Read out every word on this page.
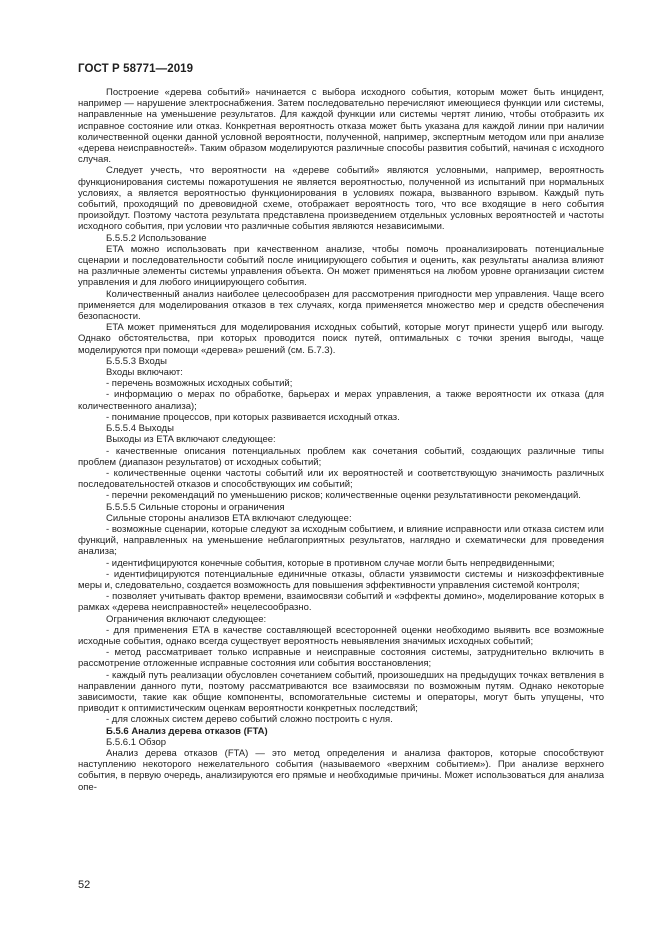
ГОСТ Р 58771—2019

Построение «дерева событий» начинается с выбора исходного события, которым может быть инцидент, например — нарушение электроснабжения. Затем последовательно перечисляют имеющиеся функции или системы, направленные на уменьшение результатов. Для каждой функции или системы чертят линию, чтобы отобразить их исправное состояние или отказ. Конкретная вероятность отказа может быть указана для каждой линии при наличии количественной оценки данной условной вероятности, полученной, например, экспертным методом или при анализе «дерева неисправностей». Таким образом моделируются различные способы развития событий, начиная с исходного случая.

Следует учесть, что вероятности на «дереве событий» являются условными, например, вероятность функционирования системы пожаротушения не является вероятностью, полученной из испытаний при нормальных условиях, а является вероятностью функционирования в условиях пожара, вызванного взрывом. Каждый путь событий, проходящий по древовидной схеме, отображает вероятность того, что все входящие в него события произойдут. Поэтому частота результата представлена произведением отдельных условных вероятностей и частоты исходного события, при условии что различные события являются независимыми.

Б.5.5.2 Использование

ETA можно использовать при качественном анализе, чтобы помочь проанализировать потенциальные сценарии и последовательности событий после инициирующего события и оценить, как результаты анализа влияют на различные элементы системы управления объекта. Он может применяться на любом уровне организации систем управления и для любого инициирующего события.

Количественный анализ наиболее целесообразен для рассмотрения пригодности мер управления. Чаще всего применяется для моделирования отказов в тех случаях, когда применяется множество мер и средств обеспечения безопасности.

ETA может применяться для моделирования исходных событий, которые могут принести ущерб или выгоду. Однако обстоятельства, при которых проводится поиск путей, оптимальных с точки зрения выгоды, чаще моделируются при помощи «дерева» решений (см. Б.7.3).

Б.5.5.3 Входы

Входы включают:

- перечень возможных исходных событий;

- информацию о мерах по обработке, барьерах и мерах управления, а также вероятности их отказа (для количественного анализа);

- понимание процессов, при которых развивается исходный отказ.

Б.5.5.4 Выходы

Выходы из ETA включают следующее:

- качественные описания потенциальных проблем как сочетания событий, создающих различные типы проблем (диапазон результатов) от исходных событий;

- количественные оценки частоты событий или их вероятностей и соответствующую значимость различных последовательностей отказов и способствующих им событий;

- перечни рекомендаций по уменьшению рисков; количественные оценки результативности рекомендаций.

Б.5.5.5 Сильные стороны и ограничения

Сильные стороны анализов ETA включают следующее:

- возможные сценарии, которые следуют за исходным событием, и влияние исправности или отказа систем или функций, направленных на уменьшение неблагоприятных результатов, наглядно и схематически для проведения анализа;

- идентифицируются конечные события, которые в противном случае могли быть непредвиденными;

- идентифицируются потенциальные единичные отказы, области уязвимости системы и низкоэффективные меры и, следовательно, создается возможность для повышения эффективности управления системой контроля;

- позволяет учитывать фактор времени, взаимосвязи событий и «эффекты домино», моделирование которых в рамках «дерева неисправностей» нецелесообразно.

Ограничения включают следующее:

- для применения ETA в качестве составляющей всесторонней оценки необходимо выявить все возможные исходные события, однако всегда существует вероятность невыявления значимых исходных событий;

- метод рассматривает только исправные и неисправные состояния системы, затруднительно включить в рассмотрение отложенные исправные состояния или события восстановления;

- каждый путь реализации обусловлен сочетанием событий, произошедших на предыдущих точках ветвления в направлении данного пути, поэтому рассматриваются все взаимосвязи по возможным путям. Однако некоторые зависимости, такие как общие компоненты, вспомогательные системы и операторы, могут быть упущены, что приводит к оптимистическим оценкам вероятности конкретных последствий;

- для сложных систем дерево событий сложно построить с нуля.

Б.5.6 Анализ дерева отказов (FTA)

Б.5.6.1 Обзор

Анализ дерева отказов (FTA) — это метод определения и анализа факторов, которые способствуют наступлению некоторого нежелательного события (называемого «верхним событием»). При анализе верхнего события, в первую очередь, анализируются его прямые и необходимые причины. Может использоваться для анализа опе-

52
